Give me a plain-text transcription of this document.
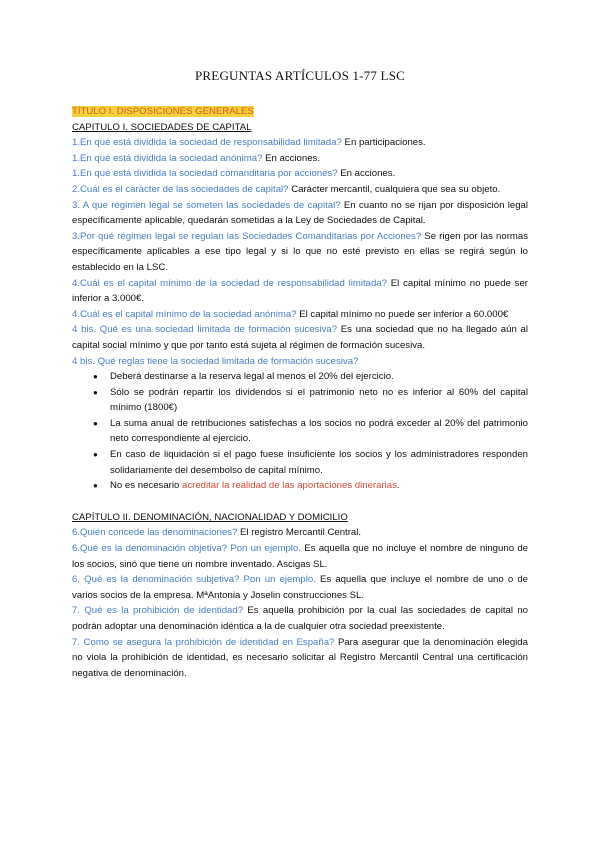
PREGUNTAS ARTÍCULOS 1-77 LSC

TÍTULO I. DISPOSICIONES GENERALES

CAPITULO I. SOCIEDADES DE CAPITAL

1.En qué está dividida la sociedad de responsabilidad limitada? En participaciones.

1.En qué está dividida la sociedad anónima? En acciones.

1.En qué está dividida la sociedad comanditaria por acciones? En acciones.

2.Cuál es el carácter de las sociedades de capital? Carácter mercantil, cualquiera que sea su objeto.

3. A que régimen legal se someten las sociedades de capital? En cuanto no se rijan por disposición legal específicamente aplicable, quedarán sometidas a la Ley de Sociedades de Capital.

3.Por qué régimen legal se regulan las Sociedades Comanditarias por Acciones? Se rigen por las normas específicamente aplicables a ese tipo legal y si lo que no esté previsto en ellas se regirá según lo establecido en la LSC.

4.Cuál es el capital mínimo de la sociedad de responsabilidad limitada? El capital mínimo no puede ser inferior a 3.000€.

4.Cuál es el capital mínimo de la sociedad anónima? El capital mínimo no puede ser inferior a 60.000€

4 bis. Qué es una sociedad limitada de formación sucesiva? Es una sociedad que no ha llegado aún al capital social mínimo y que por tanto está sujeta al régimen de formación sucesiva.

4 bis. Qué reglas tiene la sociedad limitada de formación sucesiva?

● Deberá destinarse a la reserva legal al menos el 20% del ejercicio.
● Sólo se podrán repartir los dividendos si el patrimonio neto no es inferior al 60% del capital mínimo (1800€)
● La suma anual de retribuciones satisfechas a los socios no podrá exceder al 20% del patrimonio neto correspondiente al ejercicio.
● En caso de liquidación si el pago fuese insuficiente los socios y los administradores responden solidariamente del desembolso de capital mínimo.
● No es necesario acreditar la realidad de las aportaciones dinerarias.

CAPÍTULO II. DENOMINACIÓN, NACIONALIDAD Y DOMICILIO

6.Quién concede las denominaciones? El registro Mercantil Central.

6.Qué es la denominación objetiva? Pon un ejemplo. Es aquella que no incluye el nombre de ninguno de los socios, sinó que tiene un nombre inventado. Ascigas SL.

6. Qué es la denominación subjetiva? Pon un ejemplo. Es aquella que incluye el nombre de uno o de varios socios de la empresa. MªAntonia y Joselin construcciones SL.

7. Qué es la prohibición de identidad? Es aquella prohibición por la cual las sociedades de capital no podrán adoptar una denominación idéntica a la de cualquier otra sociedad preexistente.

7. Como se asegura la prohibición de identidad en España? Para asegurar que la denominación elegida no viola la prohibición de identidad, es necesario solicitar al Registro Mercantil Central una certificación negativa de denominación.
